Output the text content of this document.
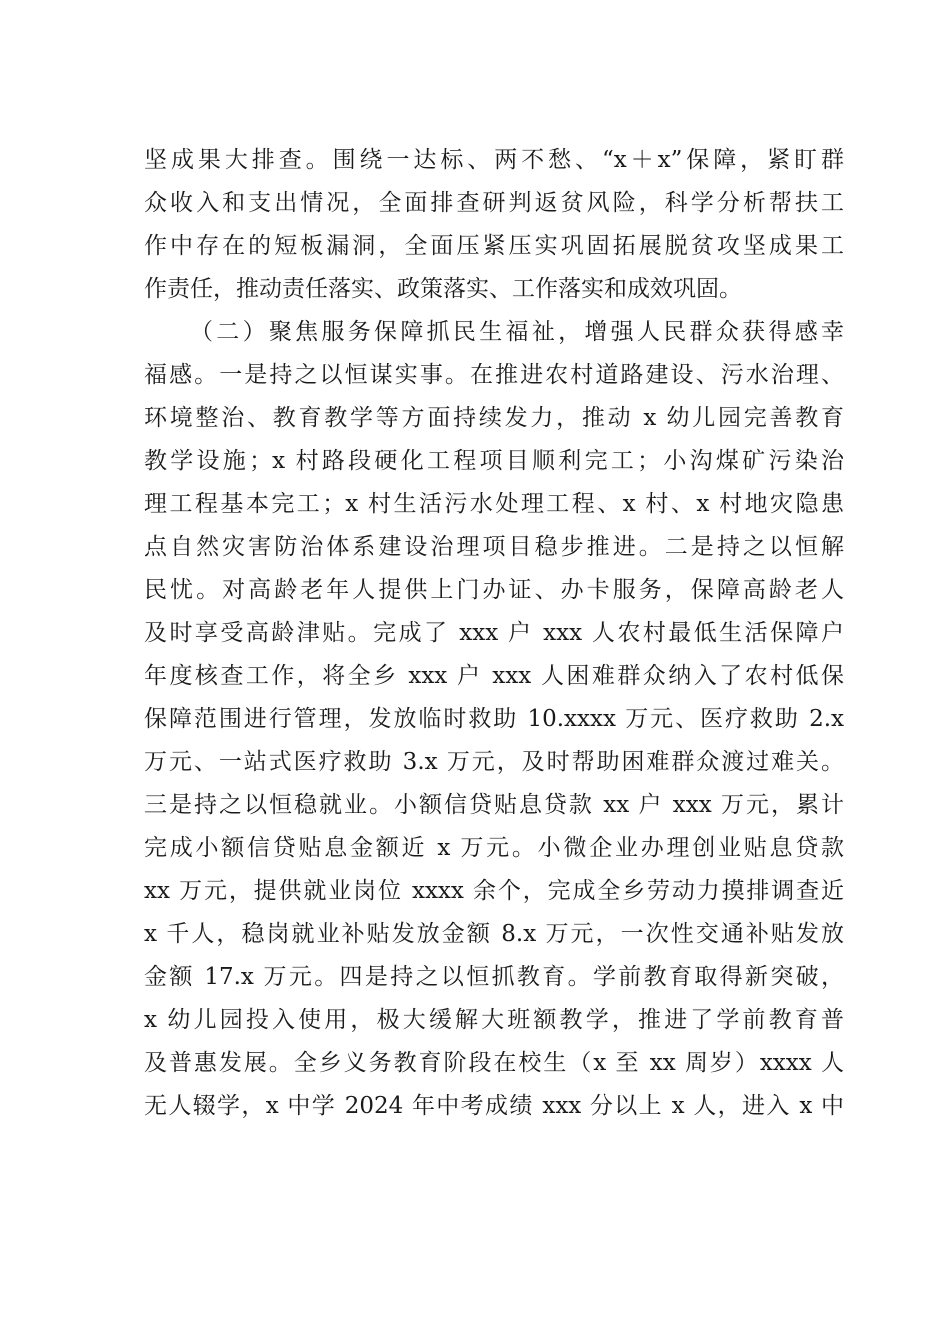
坚成果大排查。围绕一达标、两不愁、“x＋x”保障，紧盯群
众收入和支出情况，全面排查研判返贫风险，科学分析帮扶工
作中存在的短板漏洞，全面压紧压实巩固拓展脱贫攻坚成果工
作责任，推动责任落实、政策落实、工作落实和成效巩固。
（二）聚焦服务保障抓民生福祉，增强人民群众获得感幸
福感。一是持之以恒谋实事。在推进农村道路建设、污水治理、
环境整治、教育教学等方面持续发力，推动 x 幼儿园完善教育
教学设施；x 村路段硬化工程项目顺利完工；小沟煤矿污染治
理工程基本完工；x 村生活污水处理工程、x 村、x 村地灾隐患
点自然灾害防治体系建设治理项目稳步推进。二是持之以恒解
民忧。对高龄老年人提供上门办证、办卡服务，保障高龄老人
及时享受高龄津贴。完成了 xxx 户 xxx 人农村最低生活保障户
年度核查工作，将全乡 xxx 户 xxx 人困难群众纳入了农村低保
保障范围进行管理，发放临时救助 10.xxxx 万元、医疗救助 2.x
万元、一站式医疗救助 3.x 万元，及时帮助困难群众渡过难关。
三是持之以恒稳就业。小额信贷贴息贷款 xx 户 xxx 万元，累计
完成小额信贷贴息金额近 x 万元。小微企业办理创业贴息贷款
xx 万元，提供就业岗位 xxxx 余个，完成全乡劳动力摸排调查近
x 千人，稳岗就业补贴发放金额 8.x 万元，一次性交通补贴发放
金额 17.x 万元。四是持之以恒抓教育。学前教育取得新突破，
x 幼儿园投入使用，极大缓解大班额教学，推进了学前教育普
及普惠发展。全乡义务教育阶段在校生（x 至 xx 周岁）xxxx 人
无人辍学，x 中学 2024 年中考成绩 xxx 分以上 x 人，进入 x 中
